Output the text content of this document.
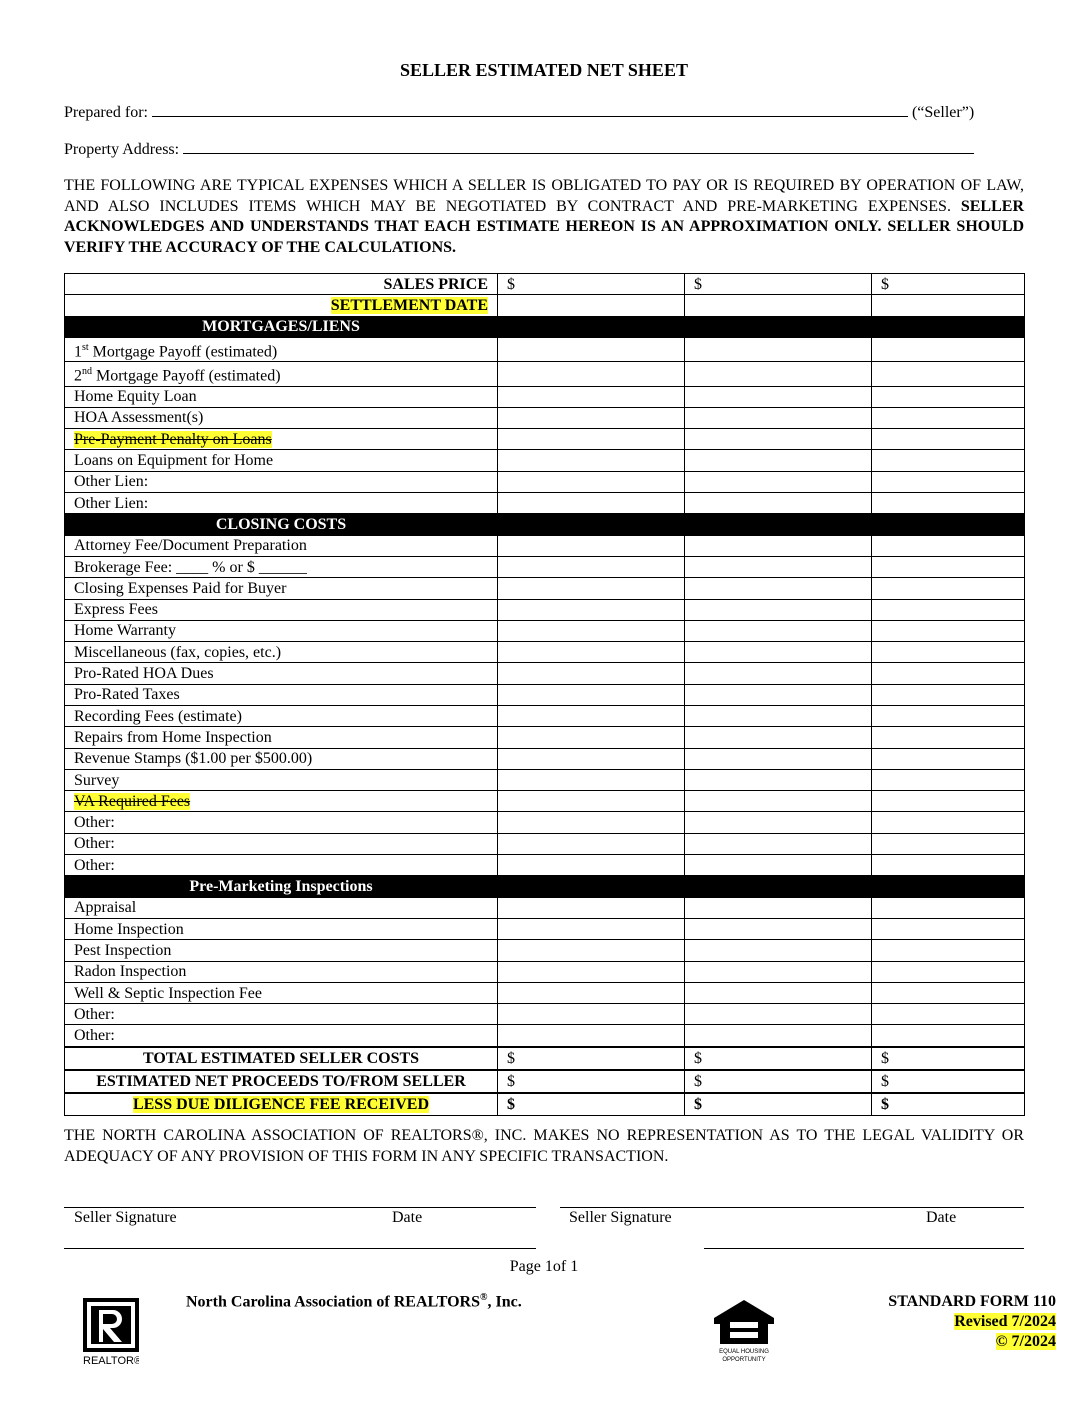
SELLER ESTIMATED NET SHEET
Prepared for:	(“Seller”)
Property Address:
THE FOLLOWING ARE TYPICAL EXPENSES WHICH A SELLER IS OBLIGATED TO PAY OR IS REQUIRED BY OPERATION OF LAW, AND ALSO INCLUDES ITEMS WHICH MAY BE NEGOTIATED BY CONTRACT AND PRE-MARKETING EXPENSES. SELLER ACKNOWLEDGES AND UNDERSTANDS THAT EACH ESTIMATE HEREON IS AN APPROXIMATION ONLY. SELLER SHOULD VERIFY THE ACCURACY OF THE CALCULATIONS.
SALES PRICE	$	$	$
SETTLEMENT DATE			
MORTGAGES/LIENS			
1st Mortgage Payoff (estimated)			
2nd Mortgage Payoff (estimated)			
Home Equity Loan			
HOA Assessment(s)			
Pre-Payment Penalty on Loans			
Loans on Equipment for Home			
Other Lien:			
Other Lien:			
CLOSING COSTS			
Attorney Fee/Document Preparation			
Brokerage Fee: ____ % or $ ______			
Closing Expenses Paid for Buyer			
Express Fees			
Home Warranty			
Miscellaneous (fax, copies, etc.)			
Pro-Rated HOA Dues			
Pro-Rated Taxes			
Recording Fees (estimate)			
Repairs from Home Inspection			
Revenue Stamps ($1.00 per $500.00)			
Survey			
VA Required Fees			
Other:			
Other:			
Other:			
Pre-Marketing Inspections			
Appraisal			
Home Inspection			
Pest Inspection			
Radon Inspection			
Well & Septic Inspection Fee			
Other:			
Other:			
TOTAL ESTIMATED SELLER COSTS	$	$	$
ESTIMATED NET PROCEEDS TO/FROM SELLER	$	$	$
LESS DUE DILIGENCE FEE RECEIVED	$	$	$
THE NORTH CAROLINA ASSOCIATION OF REALTORS®, INC. MAKES NO REPRESENTATION AS TO THE LEGAL VALIDITY OR ADEQUACY OF ANY PROVISION OF THIS FORM IN ANY SPECIFIC TRANSACTION.
Seller Signature	Date	Seller Signature	Date
Page 1of 1
REALTOR®
North Carolina Association of REALTORS®, Inc.
EQUAL HOUSING
OPPORTUNITY
STANDARD FORM 110
Revised 7/2024
© 7/2024
